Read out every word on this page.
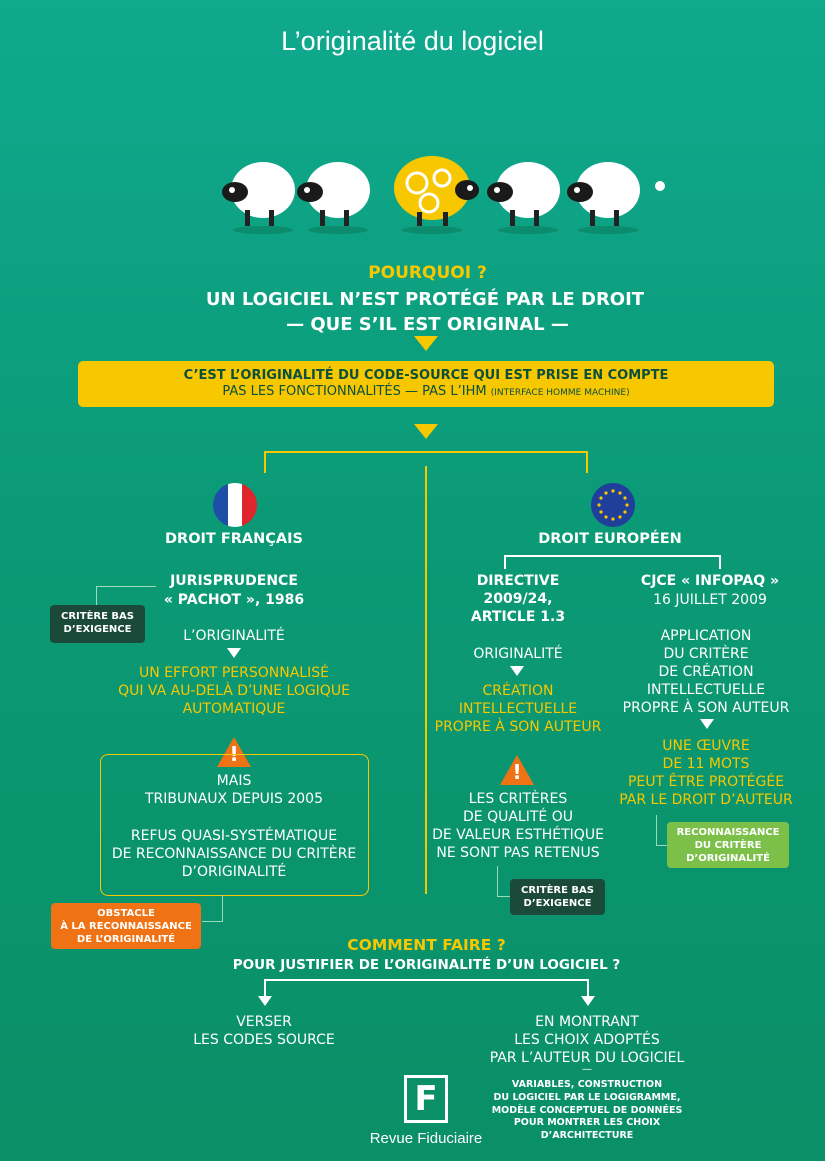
L’originalité du logiciel
POURQUOI ?
UN LOGICIEL N’EST PROTÉGÉ PAR LE DROIT
— QUE S’IL EST ORIGINAL —
C’EST L’ORIGINALITÉ DU CODE-SOURCE QUI EST PRISE EN COMPTE
PAS LES FONCTIONNALITÉS — PAS L’IHM (INTERFACE HOMME MACHINE)
DROIT FRANÇAIS
JURISPRUDENCE
« PACHOT », 1986
CRITÈRE BAS
D’EXIGENCE	L’ORIGINALITÉ
UN EFFORT PERSONNALISÉ
QUI VA AU-DELÀ D’UNE LOGIQUE
AUTOMATIQUE
!
MAIS
TRIBUNAUX DEPUIS 2005
REFUS QUASI-SYSTÉMATIQUE
DE RECONNAISSANCE DU CRITÈRE
D’ORIGINALITÉ
OBSTACLE
À LA RECONNAISSANCE
DE L’ORIGINALITÉ
DROIT EUROPÉEN
DIRECTIVE
2009/24,
ARTICLE 1.3
ORIGINALITÉ
CRÉATION
INTELLECTUELLE
PROPRE À SON AUTEUR
!
LES CRITÈRES
DE QUALITÉ OU
DE VALEUR ESTHÉTIQUE
NE SONT PAS RETENUS
CRITÈRE BAS
D’EXIGENCE
CJCE « INFOPAQ »
16 JUILLET 2009
APPLICATION
DU CRITÈRE
DE CRÉATION
INTELLECTUELLE
PROPRE À SON AUTEUR
UNE ŒUVRE
DE 11 MOTS
PEUT ÊTRE PROTÉGÉE
PAR LE DROIT D’AUTEUR
RECONNAISSANCE
DU CRITÈRE
D’ORIGINALITÉ
COMMENT FAIRE ?
POUR JUSTIFIER DE L’ORIGINALITÉ D’UN LOGICIEL ?
VERSER
LES CODES SOURCE
EN MONTRANT
LES CHOIX ADOPTÉS
PAR L’AUTEUR DU LOGICIEL
—
VARIABLES, CONSTRUCTION
DU LOGICIEL PAR LE LOGIGRAMME,
MODÈLE CONCEPTUEL DE DONNÉES
POUR MONTRER LES CHOIX
D’ARCHITECTURE
F
Revue Fiduciaire
